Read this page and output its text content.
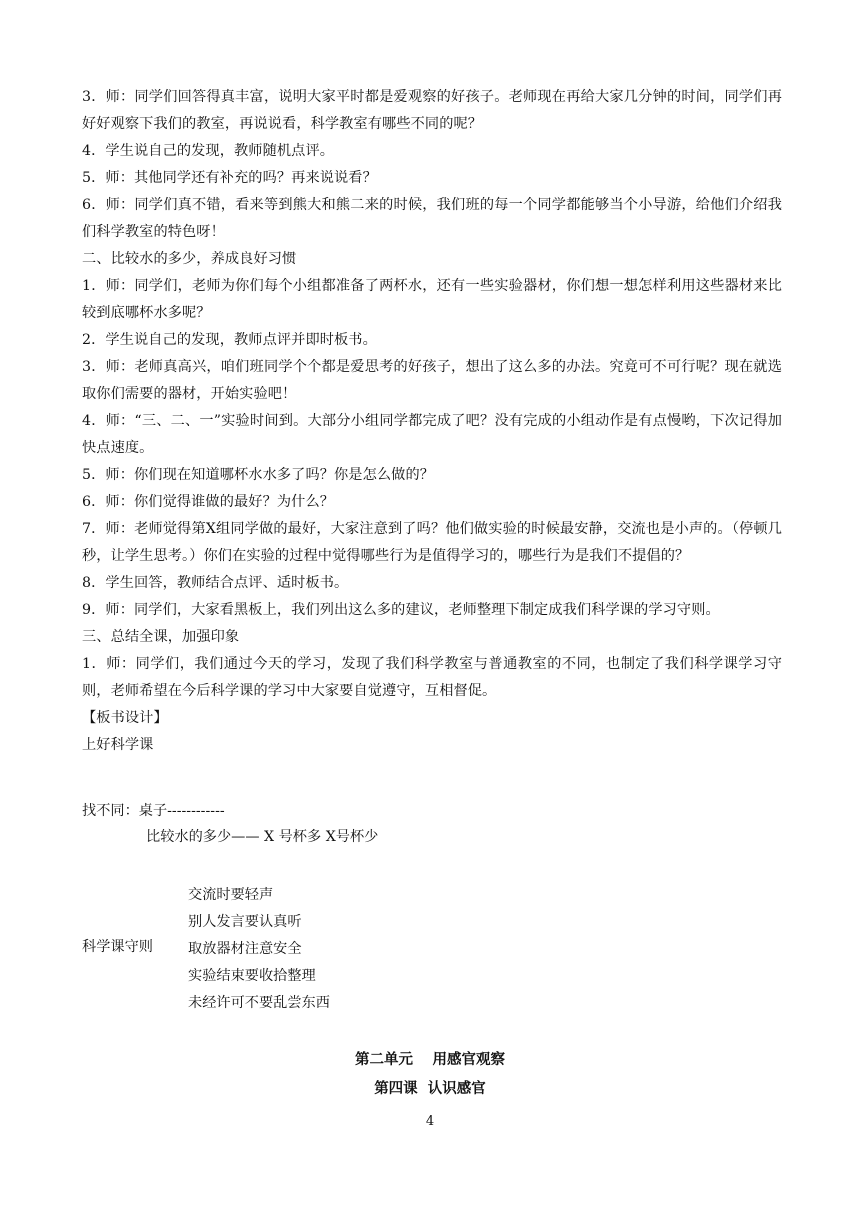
3．师：同学们回答得真丰富，说明大家平时都是爱观察的好孩子。老师现在再给大家几分钟的时间，同学们再好好观察下我们的教室，再说说看，科学教室有哪些不同的呢？

4．学生说自己的发现，教师随机点评。

5．师：其他同学还有补充的吗？再来说说看？

6．师：同学们真不错，看来等到熊大和熊二来的时候，我们班的每一个同学都能够当个小导游，给他们介绍我们科学教室的特色呀！

二、比较水的多少，养成良好习惯

1．师：同学们，老师为你们每个小组都准备了两杯水，还有一些实验器材，你们想一想怎样利用这些器材来比较到底哪杯水多呢？

2．学生说自己的发现，教师点评并即时板书。

3．师：老师真高兴，咱们班同学个个都是爱思考的好孩子，想出了这么多的办法。究竟可不可行呢？现在就选取你们需要的器材，开始实验吧！

4．师：“三、二、一”实验时间到。大部分小组同学都完成了吧？没有完成的小组动作是有点慢哟，下次记得加快点速度。

5．师：你们现在知道哪杯水水多了吗？你是怎么做的？

6．师：你们觉得谁做的最好？为什么？

7．师：老师觉得第X组同学做的最好，大家注意到了吗？他们做实验的时候最安静，交流也是小声的。（停顿几秒，让学生思考。）你们在实验的过程中觉得哪些行为是值得学习的，哪些行为是我们不提倡的？

8．学生回答，教师结合点评、适时板书。

9．师：同学们，大家看黑板上，我们列出这么多的建议，老师整理下制定成我们科学课的学习守则。

三、总结全课，加强印象

1．师：同学们，我们通过今天的学习，发现了我们科学教室与普通教室的不同，也制定了我们科学课学习守则，老师希望在今后科学课的学习中大家要自觉遵守，互相督促。

【板书设计】

上好科学课

找不同：桌子------------

比较水的多少—— X 号杯多 X号杯少

科学课守则

交流时要轻声
别人发言要认真听
取放器材注意安全
实验结束要收拾整理
未经许可不要乱尝东西

第二单元　 用感官观察

第四课  认识感官

4
